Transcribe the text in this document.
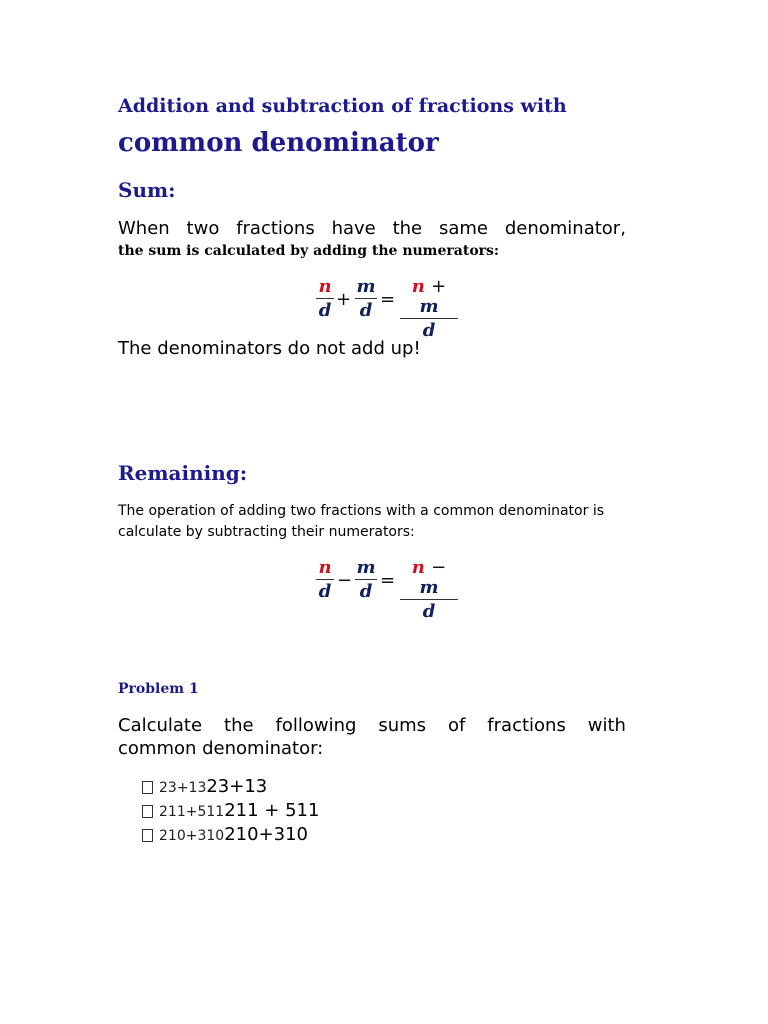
Addition and subtraction of fractions with
common denominator
Sum:
When two fractions have the same denominator,
the sum is calculated by adding the numerators:
n
d
+
m
d
=
n + m
d
The denominators do not add up!
Remaining:
The operation of adding two fractions with a common denominator is
calculate by subtracting their numerators:
n
d
−
m
d
=
n − m
d
Problem 1
Calculate the following sums of fractions with
common denominator:
23+1323+13
211+511211 + 511
210+310210+310
